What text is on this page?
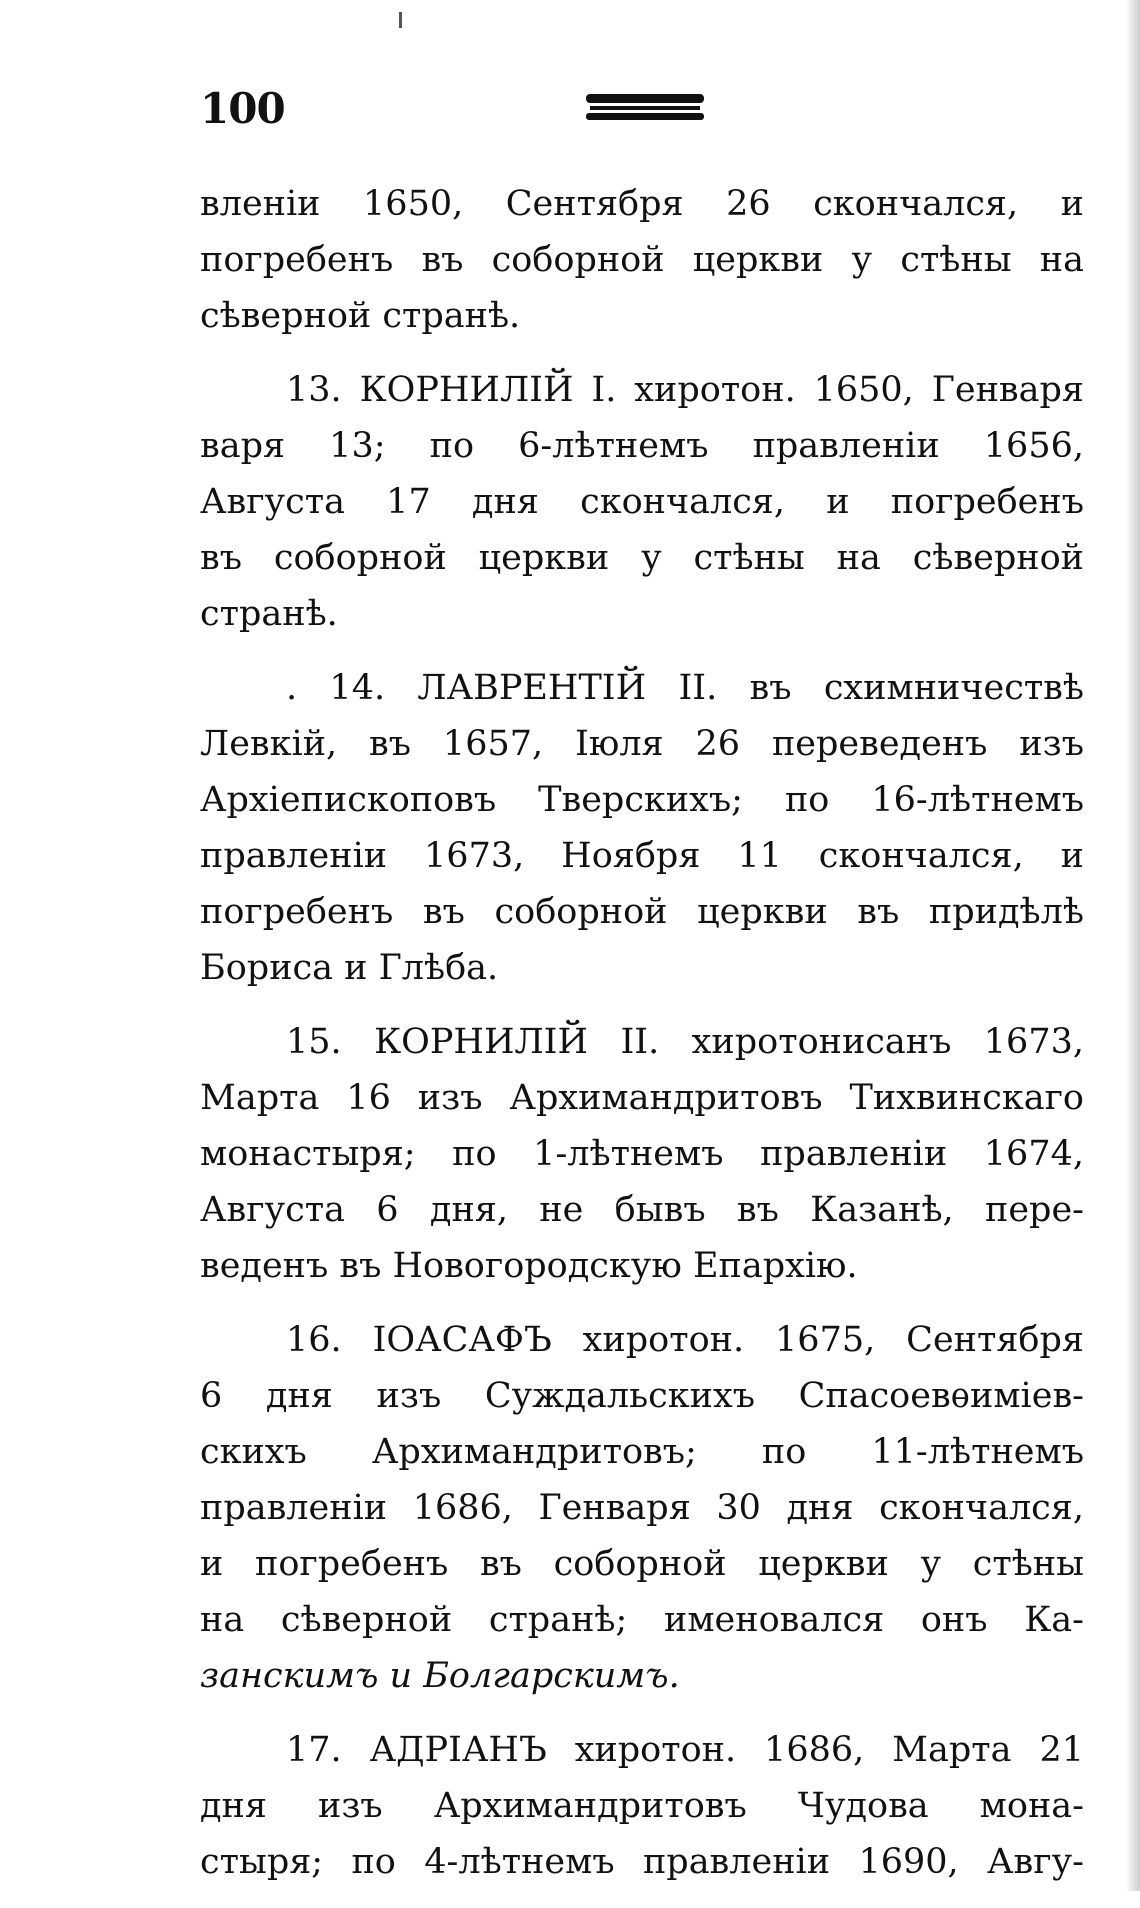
100
вленіи 1650, Сентября 26 скончался, и
погребенъ въ соборной церкви у стѣны на
сѣверной странѣ.
13. КОРНИЛІЙ I. хиротон. 1650, Генваря
варя 13; по 6-лѣтнемъ правленіи 1656,
Августа 17 дня скончался, и погребенъ
въ соборной церкви у стѣны на сѣверной
странѣ.
. 14. ЛАВРЕНТІЙ II. въ схимничествѣ
Левкій, въ 1657, Іюля 26 переведенъ изъ
Архіепископовъ Тверскихъ; по 16-лѣтнемъ
правленіи 1673, Ноября 11 скончался, и
погребенъ въ соборной церкви въ придѣлѣ
Бориса и Глѣба.
15. КОРНИЛІЙ II. хиротонисанъ 1673,
Марта 16 изъ Архимандритовъ Тихвинскаго
монастыря; по 1-лѣтнемъ правленіи 1674,
Августа 6 дня, не бывъ въ Казанѣ, пере-
веденъ въ Новогородскую Епархію.
16. ІОАСАФЪ хиротон. 1675, Сентября
6 дня изъ Суждальскихъ Спасоевѳиміев-
скихъ Архимандритовъ; по 11-лѣтнемъ
правленіи 1686, Генваря 30 дня скончался,
и погребенъ въ соборной церкви у стѣны
на сѣверной странѣ; именовался онъ Ка-
занскимъ и Болгарскимъ.
17. АДРІАНЪ хиротон. 1686, Марта 21
дня изъ Архимандритовъ Чудова мона-
стыря; по 4-лѣтнемъ правленіи 1690, Авгу-
